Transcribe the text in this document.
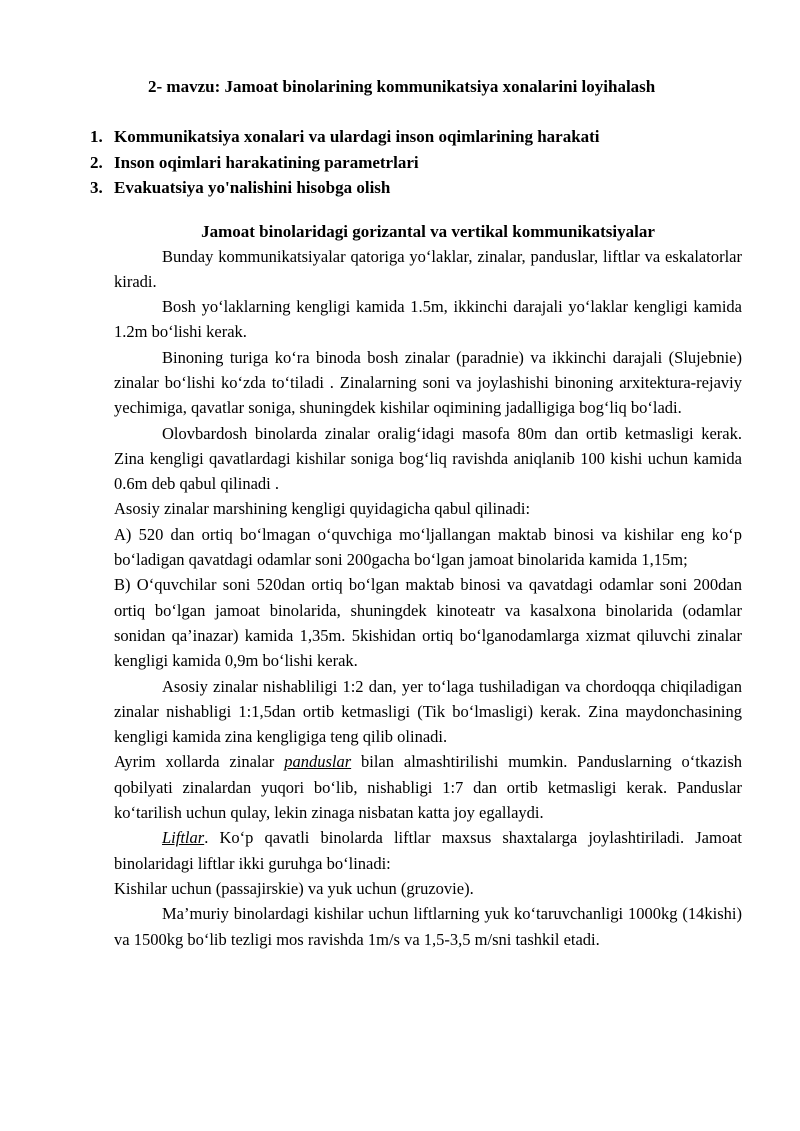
2- mavzu: Jamoat binolarining kommunikatsiya xonalarini loyihalash
1. Kommunikatsiya xonalari va ulardagi inson oqimlarining harakati
2. Inson oqimlari harakatining parametrlari
3. Evakuatsiya yo'nalishini hisobga olish
Jamoat binolaridagi gorizantal va vertikal kommunikatsiyalar

Bunday kommunikatsiyalar qatoriga yo‘laklar, zinalar, panduslar, liftlar va eskalatorlar kiradi.

Bosh yo‘laklarning kengligi kamida 1.5m, ikkinchi darajali yo‘laklar kengligi kamida 1.2m bo‘lishi kerak.

Binoning turiga ko‘ra binoda bosh zinalar (paradnie) va ikkinchi darajali (Slujebnie) zinalar bo‘lishi ko‘zda to‘tiladi . Zinalarning soni va joylashishi binoning arxitektura-rejaviy yechimiga, qavatlar soniga, shuningdek kishilar oqimining jadalligiga bog‘liq bo‘ladi.

Olovbardosh binolarda zinalar oralig‘idagi masofa 80m dan ortib ketmasligi kerak. Zina kengligi qavatlardagi kishilar soniga bog‘liq ravishda aniqlanib 100 kishi uchun kamida 0.6m deb qabul qilinadi .

Asosiy zinalar marshining kengligi quyidagicha qabul qilinadi:

A) 520 dan ortiq bo‘lmagan o‘quvchiga mo‘ljallangan maktab binosi va kishilar eng ko‘p bo‘ladigan qavatdagi odamlar soni 200gacha bo‘lgan jamoat binolarida kamida 1,15m;

B) O‘quvchilar soni 520dan ortiq bo‘lgan maktab binosi va qavatdagi odamlar soni 200dan ortiq bo‘lgan jamoat binolarida, shuningdek kinoteatr va kasalxona binolarida (odamlar sonidan qa’inazar) kamida 1,35m. 5kishidan ortiq bo‘lganodamlarga xizmat qiluvchi zinalar kengligi kamida 0,9m bo‘lishi kerak.

Asosiy zinalar nishabliligi 1:2 dan, yer to‘laga tushiladigan va chordoqqa chiqiladigan zinalar nishabligi 1:1,5dan ortib ketmasligi (Tik bo‘lmasligi) kerak. Zina maydonchasining kengligi kamida zina kengligiga teng qilib olinadi.

Ayrim xollarda zinalar panduslar bilan almashtirilishi mumkin. Panduslarning o‘tkazish qobilyati zinalardan yuqori bo‘lib, nishabligi 1:7 dan ortib ketmasligi kerak. Panduslar ko‘tarilish uchun qulay, lekin zinaga nisbatan katta joy egallaydi.

Liftlar. Ko‘p qavatli binolarda liftlar maxsus shaxtalarga joylashtiriladi. Jamoat binolaridagi liftlar ikki guruhga bo‘linadi:

Kishilar uchun (passajirskie) va yuk uchun (gruzovie).

Ma’muriy binolardagi kishilar uchun liftlarning yuk ko‘taruvchanligi 1000kg (14kishi) va 1500kg bo‘lib tezligi mos ravishda 1m/s va 1,5-3,5 m/sni tashkil etadi.
